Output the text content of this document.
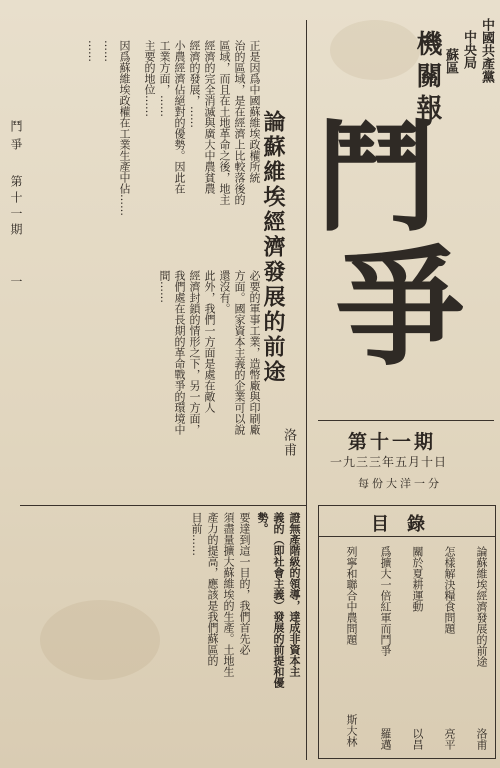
中國共產黨
中央局
蘇區
機關報
鬥
爭
第十一期
一九三三年五月十日
每份大洋一分
目錄
論蘇維埃經濟發展的前途
洛甫
怎樣解決糧食問題
亮平
關於夏耕運動
以昌
爲擴大一倍紅軍而鬥爭
羅邁
列寧和聯合中農問題
斯大林
論蘇維埃經濟發展的前途
洛甫
正是因爲中國蘇維埃政權所統
治的區域，是在經濟上比較落後的
區域，而且在土地革命之後，地主
經濟的完全消滅與廣大中農貧農
經濟的發展，……
小農經濟佔絕對的優勢。因此在
工業方面，……
主要的地位……
必要的軍事工業，造幣廠與印刷廠
方面。國家資本主義的企業可以說
還沒有。
此外，我們一方面是處在敵人
經濟封鎖的情形之下，另一方面，
我們處在長期的革命戰爭的環境中
間……
證無產階級的領導，達成非資本主
義的（即社會主義）發展的前提和優
勢。
要達到這一目的，我們首先必
須盡量擴大蘇維埃的生產。土地生
產力的提高，應該是我們蘇區的
目前……
因爲蘇維埃政權在工業生產中佔……
……
……
鬥爭
第十一期
一
